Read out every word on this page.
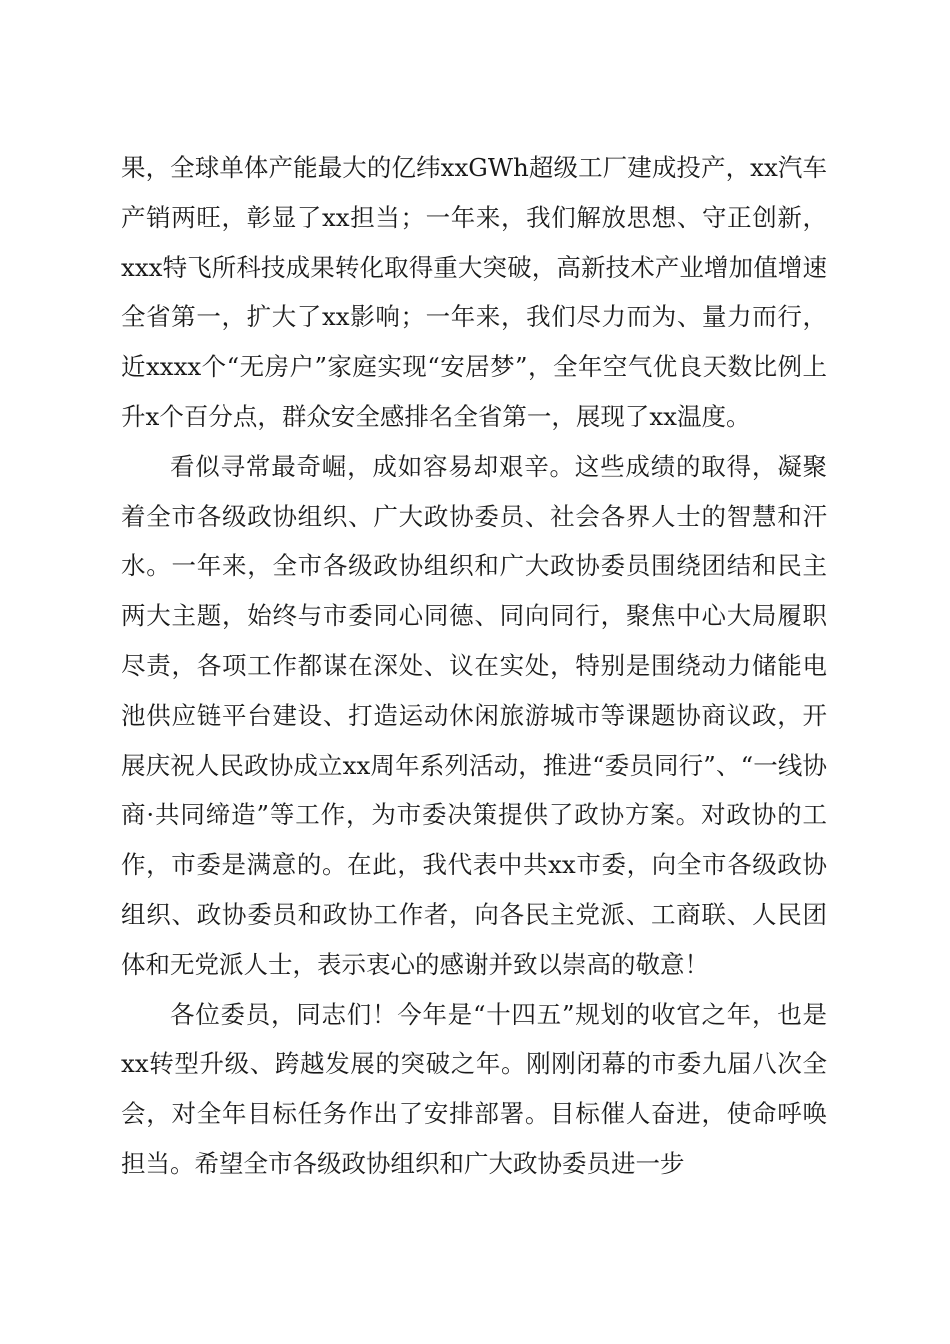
果，全球单体产能最大的亿纬xxGWh超级工厂建成投产，xx汽车产销两旺，彰显了xx担当；一年来，我们解放思想、守正创新，xxx特飞所科技成果转化取得重大突破，高新技术产业增加值增速全省第一，扩大了xx影响；一年来，我们尽力而为、量力而行，近xxxx个“无房户”家庭实现“安居梦”，全年空气优良天数比例上升x个百分点，群众安全感排名全省第一，展现了xx温度。

看似寻常最奇崛，成如容易却艰辛。这些成绩的取得，凝聚着全市各级政协组织、广大政协委员、社会各界人士的智慧和汗水。一年来，全市各级政协组织和广大政协委员围绕团结和民主两大主题，始终与市委同心同德、同向同行，聚焦中心大局履职尽责，各项工作都谋在深处、议在实处，特别是围绕动力储能电池供应链平台建设、打造运动休闲旅游城市等课题协商议政，开展庆祝人民政协成立xx周年系列活动，推进“委员同行”、“一线协商·共同缔造”等工作，为市委决策提供了政协方案。对政协的工作，市委是满意的。在此，我代表中共xx市委，向全市各级政协组织、政协委员和政协工作者，向各民主党派、工商联、人民团体和无党派人士，表示衷心的感谢并致以崇高的敬意！

各位委员，同志们！今年是“十四五”规划的收官之年，也是xx转型升级、跨越发展的突破之年。刚刚闭幕的市委九届八次全会，对全年目标任务作出了安排部署。目标催人奋进，使命呼唤担当。希望全市各级政协组织和广大政协委员进一步
